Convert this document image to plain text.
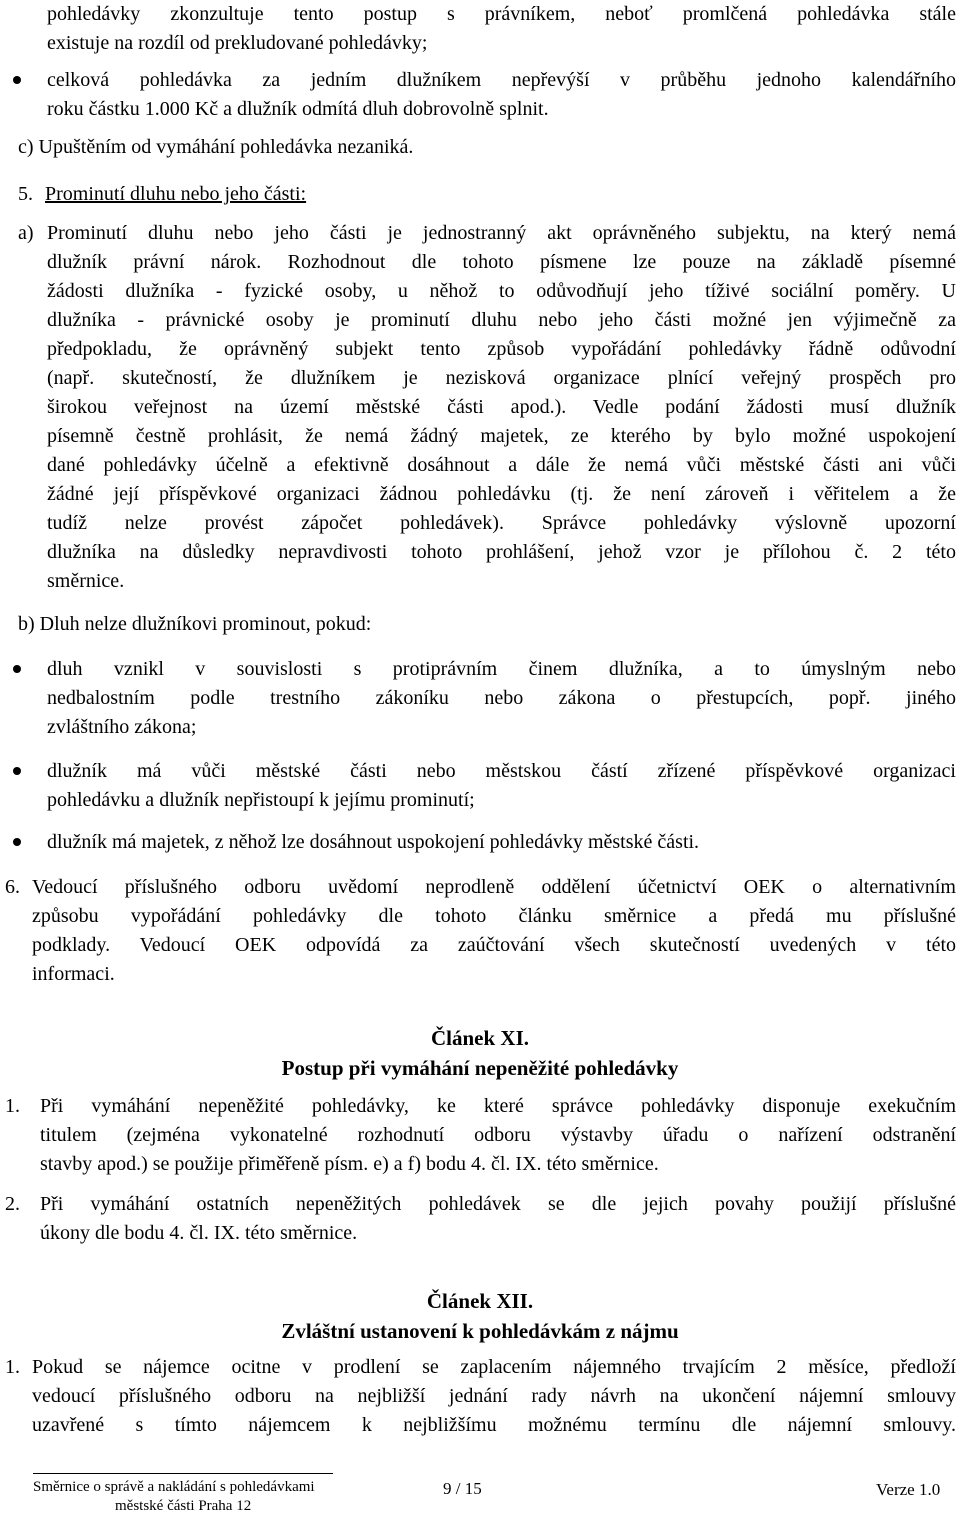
pohledávky zkonzultuje tento postup s právníkem, neboť promlčená pohledávka stále
existuje na rozdíl od prekludované pohledávky;
celková pohledávka za jedním dlužníkem nepřevýší v průběhu jednoho kalendářního
roku částku 1.000 Kč a dlužník odmítá dluh dobrovolně splnit.
c) Upuštěním od vymáhání pohledávka nezaniká.
5. Prominutí dluhu nebo jeho části:
a) Prominutí dluhu nebo jeho části je jednostranný akt oprávněného subjektu, na který nemá
dlužník právní nárok. Rozhodnout dle tohoto písmene lze pouze na základě písemné
žádosti dlužníka - fyzické osoby, u něhož to odůvodňují jeho tíživé sociální poměry. U
dlužníka - právnické osoby je prominutí dluhu nebo jeho části možné jen výjimečně za
předpokladu, že oprávněný subjekt tento způsob vypořádání pohledávky řádně odůvodní
(např. skutečností, že dlužníkem je nezisková organizace plnící veřejný prospěch pro
širokou veřejnost na území městské části apod.). Vedle podání žádosti musí dlužník
písemně čestně prohlásit, že nemá žádný majetek, ze kterého by bylo možné uspokojení
dané pohledávky účelně a efektivně dosáhnout a dále že nemá vůči městské části ani vůči
žádné její příspěvkové organizaci žádnou pohledávku (tj. že není zároveň i věřitelem a že
tudíž nelze provést zápočet pohledávek). Správce pohledávky výslovně upozorní
dlužníka na důsledky nepravdivosti tohoto prohlášení, jehož vzor je přílohou č. 2 této
směrnice.
b) Dluh nelze dlužníkovi prominout, pokud:
dluh vznikl v souvislosti s protiprávním činem dlužníka, a to úmyslným nebo
nedbalostním podle trestního zákoníku nebo zákona o přestupcích, popř. jiného
zvláštního zákona;
dlužník má vůči městské části nebo městskou částí zřízené příspěvkové organizaci
pohledávku a dlužník nepřistoupí k jejímu prominutí;
dlužník má majetek, z něhož lze dosáhnout uspokojení pohledávky městské části.
6. Vedoucí příslušného odboru uvědomí neprodleně oddělení účetnictví OEK o alternativním
způsobu vypořádání pohledávky dle tohoto článku směrnice a předá mu příslušné
podklady. Vedoucí OEK odpovídá za zaúčtování všech skutečností uvedených v této
informaci.
Článek XI.
Postup při vymáhání nepeněžité pohledávky
1. Při vymáhání nepeněžité pohledávky, ke které správce pohledávky disponuje exekučním
titulem (zejména vykonatelné rozhodnutí odboru výstavby úřadu o nařízení odstranění
stavby apod.) se použije přiměřeně písm. e) a f) bodu 4. čl. IX. této směrnice.
2. Při vymáhání ostatních nepeněžitých pohledávek se dle jejich povahy použijí příslušné
úkony dle bodu 4. čl. IX. této směrnice.
Článek XII.
Zvláštní ustanovení k pohledávkám z nájmu
1. Pokud se nájemce ocitne v prodlení se zaplacením nájemného trvajícím 2 měsíce, předloží
vedoucí příslušného odboru na nejbližší jednání rady návrh na ukončení nájemní smlouvy
uzavřené s tímto nájemcem k nejbližšímu možnému termínu dle nájemní smlouvy.
Směrnice o správě a nakládání s pohledávkami
městské části Praha 12
9 / 15	Verze 1.0
